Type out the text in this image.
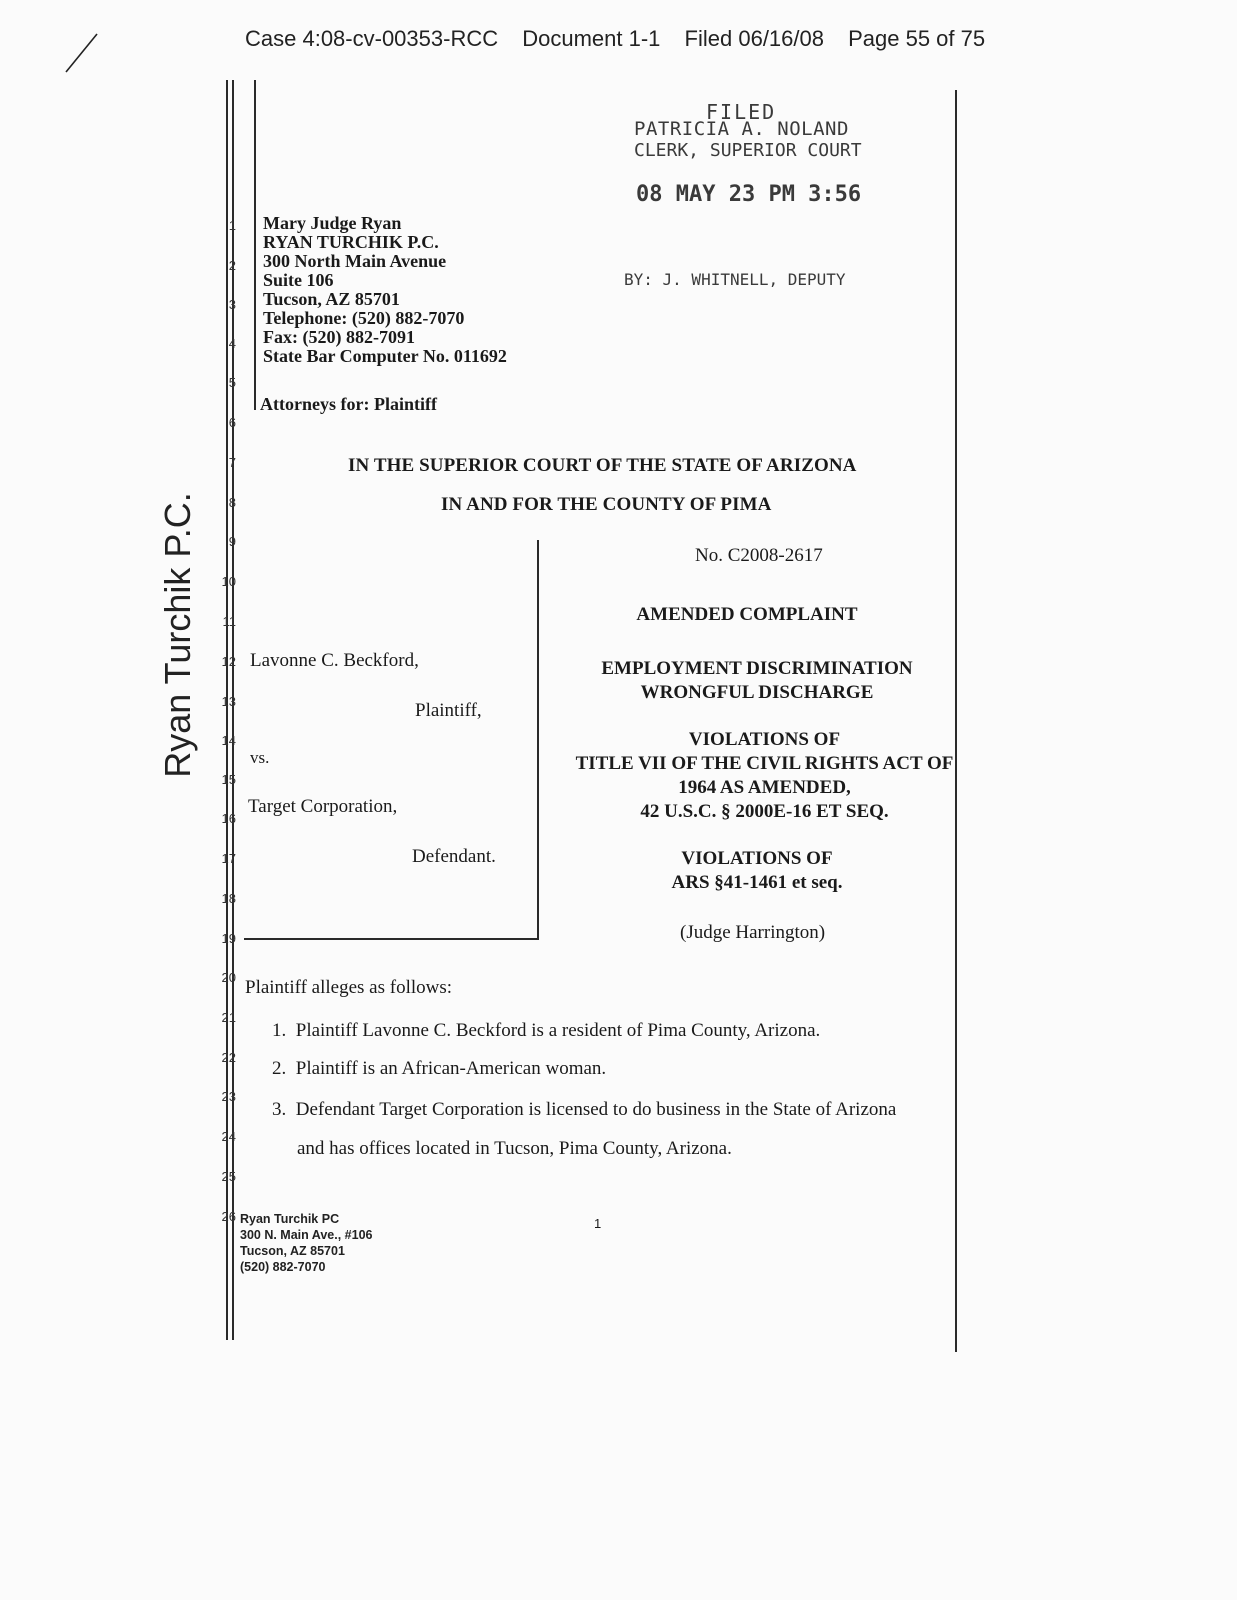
Case 4:08-cv-00353-RCC Document 1-1 Filed 06/16/08 Page 55 of 75
Ryan Turchik P.C.
1
2
3
4
5
6
7
8
9
10
11
12
13
14
15
16
17
18
19
20
21
22
23
24
25
26
FILED
PATRICIA A. NOLAND
CLERK, SUPERIOR COURT
08 MAY 23 PM 3:56
BY: J. WHITNELL, DEPUTY
Mary Judge Ryan
RYAN TURCHIK P.C.
300 North Main Avenue
Suite 106
Tucson, AZ 85701
Telephone: (520) 882-7070
Fax: (520) 882-7091
State Bar Computer No. 011692
Attorneys for: Plaintiff
IN THE SUPERIOR COURT OF THE STATE OF ARIZONA
IN AND FOR THE COUNTY OF PIMA
Lavonne C. Beckford,
Plaintiff,
vs.
Target Corporation,
Defendant.
No. C2008-2617
AMENDED COMPLAINT
EMPLOYMENT DISCRIMINATION
WRONGFUL DISCHARGE
VIOLATIONS OF
TITLE VII OF THE CIVIL RIGHTS ACT OF
1964 AS AMENDED,
42 U.S.C. § 2000E-16 ET SEQ.
VIOLATIONS OF
ARS §41-1461 et seq.
(Judge Harrington)
Plaintiff alleges as follows:
1. Plaintiff Lavonne C. Beckford is a resident of Pima County, Arizona.
2. Plaintiff is an African-American woman.
3. Defendant Target Corporation is licensed to do business in the State of Arizona
and has offices located in Tucson, Pima County, Arizona.
Ryan Turchik PC
300 N. Main Ave., #106
Tucson, AZ 85701
(520) 882-7070
1
